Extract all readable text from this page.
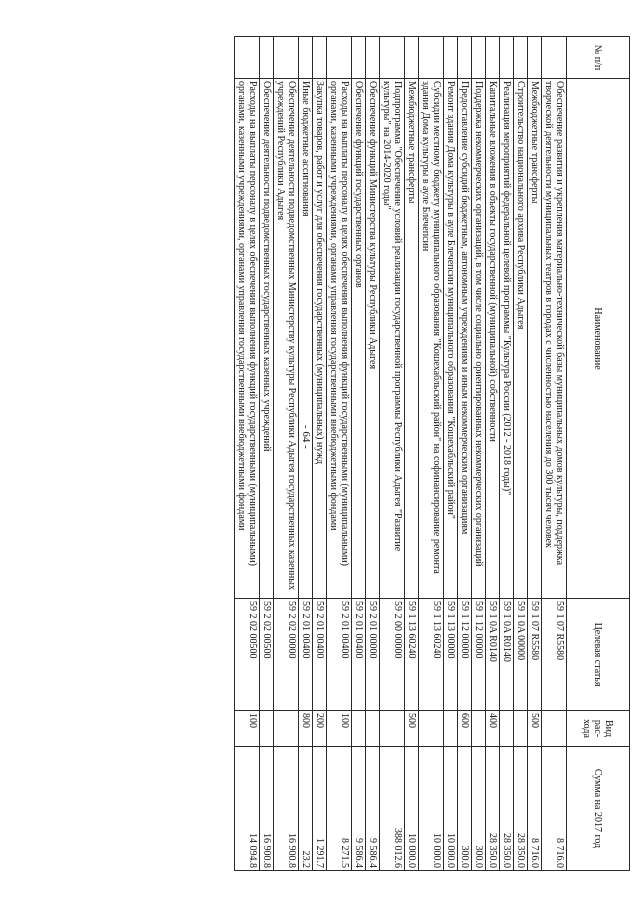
- 64 -
№ п/п	Наименование	Целевая статья	Вид рас-хода	Сумма на 2017 год
	Обеспечение развития и укрепления материально-технической базы муниципальных домов культуры, поддержка творческой деятельности муниципальных театров в городах с численностью населения до 300 тысяч человек	59 1 07 R5580		8 716.0
	Межбюджетные трансферты	59 1 07 R5580	500	8 716.0
	Строительство национального архива Республики Адыгея	59 1 0A 00000		28 350.0
	Реализация мероприятий федеральной целевой программы "Культура России (2012 - 2018 годы)"	59 1 0A R0140		28 350.0
	Капитальные вложения в объекты государственной (муниципальной) собственности	59 1 0A R0140	400	28 350.0
	Поддержка некоммерческих организаций, в том числе социально ориентированных некоммерческих организаций	59 1 12 00000		300.0
	Предоставление субсидий бюджетным, автономным учреждениям и иным некоммерческим организациям	59 1 12 00000	600	300.0
	Ремонт здания Дома культуры в ауле Блечепсин муниципального образования "Кошехабльский район"	59 1 13 00000		10 000.0
	Субсидии местному бюджету муниципального образования "Кошехабльский район" на софинансирование ремонта здания Дома культуры в ауле Блечепсин	59 1 13 60240		10 000.0
	Межбюджетные трансферты	59 1 13 60240	500	10 000.0
	Подпрограмма "Обеспечение условий реализации государственной программы Республики Адыгея "Развитие культуры" на 2014-2020 годы"	59 2 00 00000		388 012.6
	Обеспечение функций Министерства культуры Республики Адыгея	59 2 01 00000		9 586.4
	Обеспечение функций государственных органов	59 2 01 00400		9 586.4
	Расходы на выплаты персоналу в целях обеспечения выполнения функций государственными (муниципальными) органами, казенными учреждениями, органами управления государственными внебюджетными фондами	59 2 01 00400	100	8 271.5
	Закупка товаров, работ и услуг для обеспечения государственных (муниципальных) нужд	59 2 01 00400	200	1 291.7
	Иные бюджетные ассигнования	59 2 01 00400	800	23.2
	Обеспечение деятельности подведомственных Министерству культуры Республики Адыгея государственных казенных учреждений Республики Адыгея	59 2 02 00000		16 900.8
	Обеспечение деятельности подведомственных государственных казенных учреждений	59 2 02 00500		16 900.8
	Расходы на выплаты персоналу в целях обеспечения выполнения функций государственными (муниципальными) органами, казенными учреждениями, органами управления государственными внебюджетными фондами	59 2 02 00500	100	14 094.8
